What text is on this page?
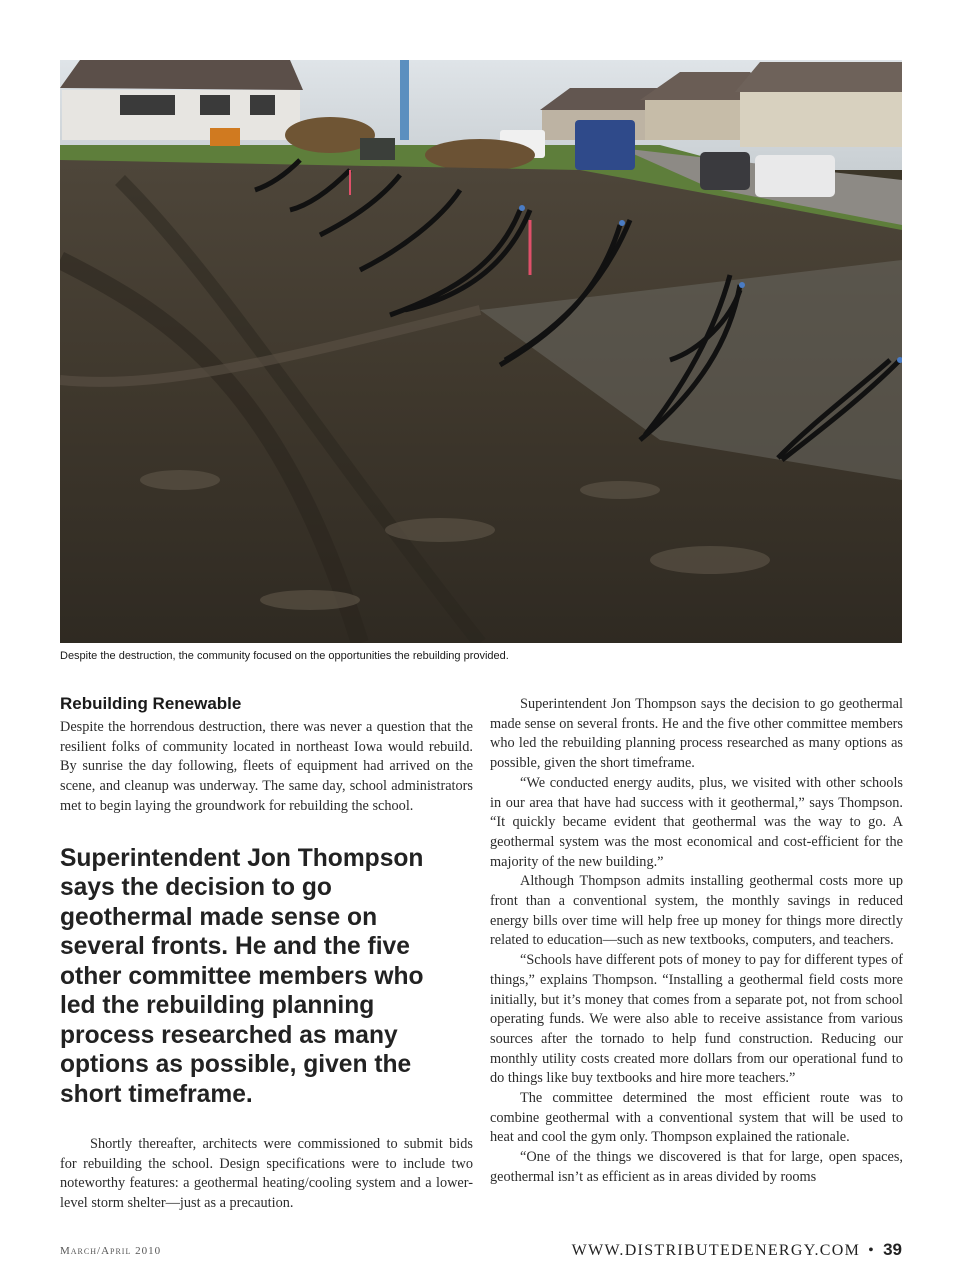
Despite the destruction, the community focused on the opportunities the rebuilding provided.
Rebuilding Renewable

Despite the horrendous destruction, there was never a question that the resilient folks of community located in northeast Iowa would rebuild. By sunrise the day following, fleets of equipment had arrived on the scene, and cleanup was underway. The same day, school administrators met to begin laying the groundwork for rebuilding the school.

Superintendent Jon Thompson says the decision to go geothermal made sense on several fronts. He and the five other committee members who led the rebuilding planning process researched as many options as possible, given the short timeframe.

Shortly thereafter, architects were commissioned to submit bids for rebuilding the school. Design specifications were to include two noteworthy features: a geothermal heating/cooling system and a lower-level storm shelter—just as a precaution.

Superintendent Jon Thompson says the decision to go geothermal made sense on several fronts. He and the five other committee members who led the rebuilding planning process researched as many options as possible, given the short timeframe.

“We conducted energy audits, plus, we visited with other schools in our area that have had success with it geothermal,” says Thompson. “It quickly became evident that geothermal was the way to go. A geothermal system was the most economical and cost-efficient for the majority of the new building.”

Although Thompson admits installing geothermal costs more up front than a conventional system, the monthly savings in reduced energy bills over time will help free up money for things more directly related to education—such as new textbooks, computers, and teachers.

“Schools have different pots of money to pay for different types of things,” explains Thompson. “Installing a geothermal field costs more initially, but it’s money that comes from a separate pot, not from school operating funds. We were also able to receive assistance from various sources after the tornado to help fund construction. Reducing our monthly utility costs created more dollars from our operational fund to do things like buy textbooks and hire more teachers.”

The committee determined the most efficient route was to combine geothermal with a conventional system that will be used to heat and cool the gym only. Thompson explained the rationale.

“One of the things we discovered is that for large, open spaces, geothermal isn’t as efficient as in areas divided by rooms

March/April 2010	WWW.DISTRIBUTEDENERGY.COM • 39
